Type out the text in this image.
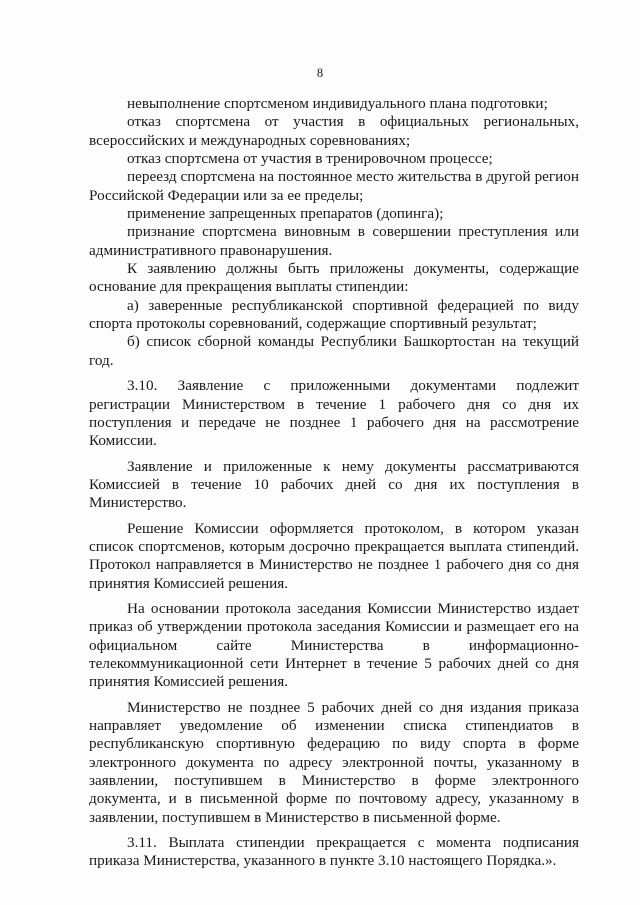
8

невыполнение спортсменом индивидуального плана подготовки;

отказ спортсмена от участия в официальных региональных, всероссийских и международных соревнованиях;

отказ спортсмена от участия в тренировочном процессе;

переезд спортсмена на постоянное место жительства в другой регион Российской Федерации или за ее пределы;

применение запрещенных препаратов (допинга);

признание спортсмена виновным в совершении преступления или административного правонарушения.

К заявлению должны быть приложены документы, содержащие основание для прекращения выплаты стипендии:

а) заверенные республиканской спортивной федерацией по виду спорта протоколы соревнований, содержащие спортивный результат;

б) список сборной команды Республики Башкортостан на текущий год.

3.10. Заявление с приложенными документами подлежит регистрации Министерством в течение 1 рабочего дня со дня их поступления и передаче не позднее 1 рабочего дня на рассмотрение Комиссии.

Заявление и приложенные к нему документы рассматриваются Комиссией в течение 10 рабочих дней со дня их поступления в Министерство.

Решение Комиссии оформляется протоколом, в котором указан список спортсменов, которым досрочно прекращается выплата стипендий. Протокол направляется в Министерство не позднее 1 рабочего дня со дня принятия Комиссией решения.

На основании протокола заседания Комиссии Министерство издает приказ об утверждении протокола заседания Комиссии и размещает его на официальном сайте Министерства в информационно-телекоммуникационной сети Интернет в течение 5 рабочих дней со дня принятия Комиссией решения.

Министерство не позднее 5 рабочих дней со дня издания приказа направляет уведомление об изменении списка стипендиатов в республиканскую спортивную федерацию по виду спорта в форме электронного документа по адресу электронной почты, указанному в заявлении, поступившем в Министерство в форме электронного документа, и в письменной форме по почтовому адресу, указанному в заявлении, поступившем в Министерство в письменной форме.

3.11. Выплата стипендии прекращается с момента подписания приказа Министерства, указанного в пункте 3.10 настоящего Порядка.».
